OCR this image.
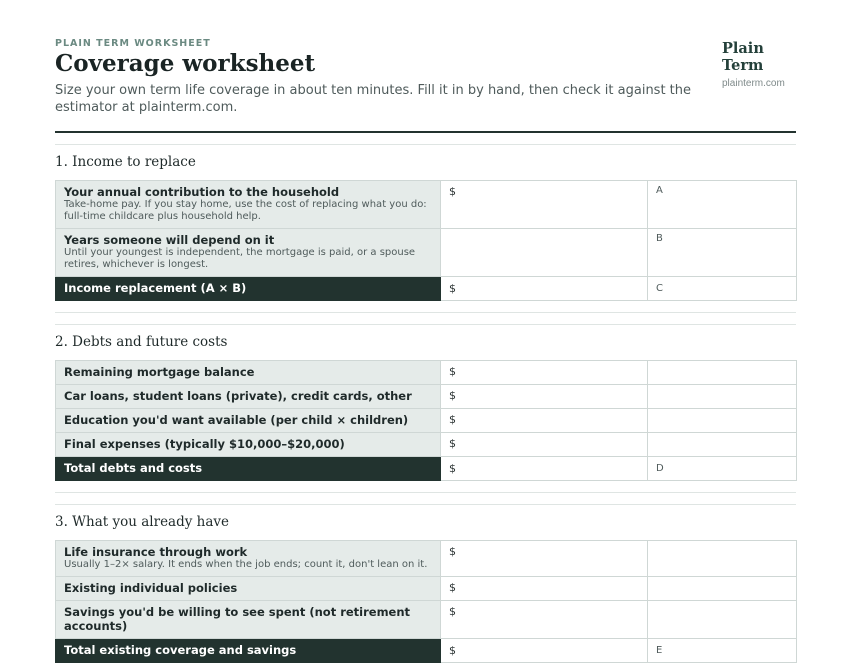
PLAIN TERM WORKSHEET
Coverage worksheet
Size your own term life coverage in about ten minutes. Fill it in by hand, then check it against the estimator at plainterm.com.
Plain Term
plainterm.com
1. Income to replace
Your annual contribution to the household
Take-home pay. If you stay home, use the cost of replacing what you do: full-time childcare plus household help.	$	A

Years someone will depend on it
Until your youngest is independent, the mortgage is paid, or a spouse retires, whichever is longest.		B

Income replacement (A × B)	$	C
2. Debts and future costs
Remaining mortgage balance	$	

Car loans, student loans (private), credit cards, other	$	

Education you'd want available (per child × children)	$	

Final expenses (typically $10,000–$20,000)	$	

Total debts and costs	$	D
3. What you already have
Life insurance through work
Usually 1–2× salary. It ends when the job ends; count it, don't lean on it.	$	

Existing individual policies	$	

Savings you'd be willing to see spent (not retirement accounts)	$	

Total existing coverage and savings	$	E
